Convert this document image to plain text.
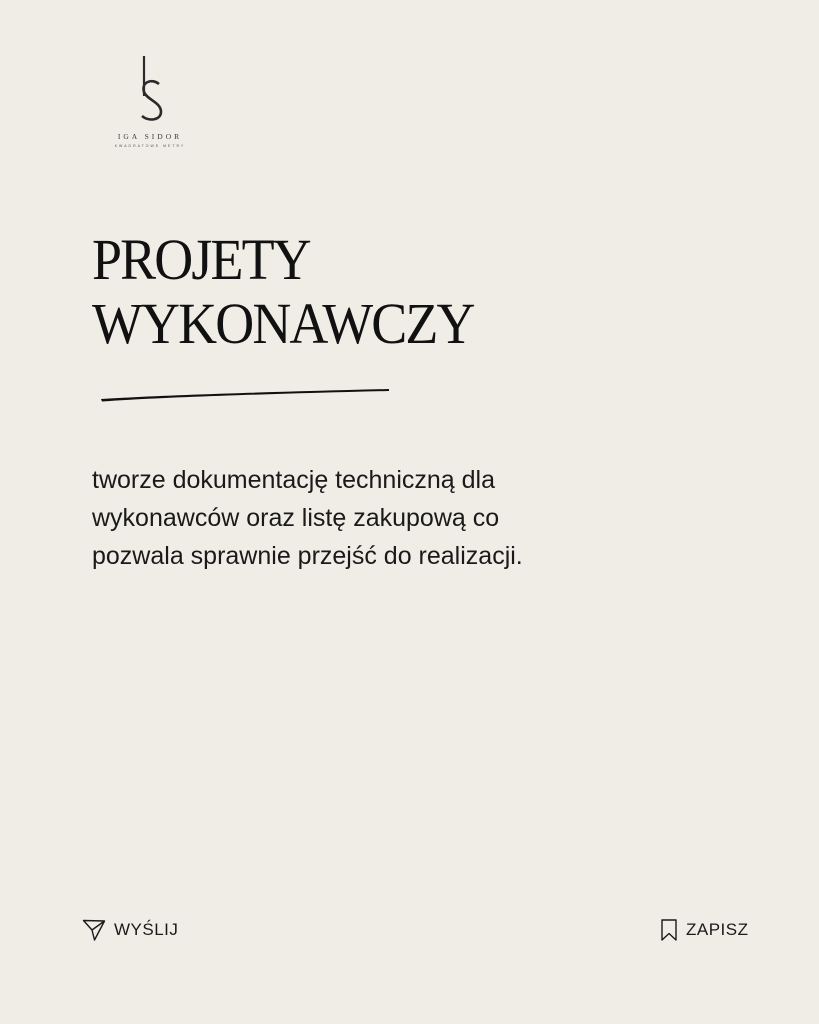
IGA SIDOR
KWADRATOWE METRY
PROJETY
WYKONAWCZY

tworze dokumentację techniczną dla
wykonawców oraz listę zakupową co
pozwala sprawnie przejść do realizacji.

WYŚLIJ	ZAPISZ
